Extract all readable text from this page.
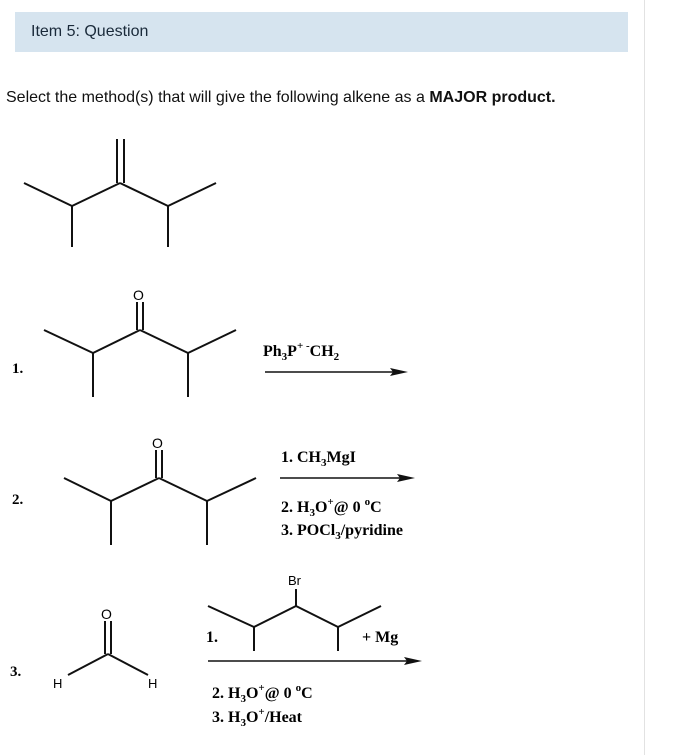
Item 5: Question
Select the method(s) that will give the following alkene as a MAJOR product.
1.
O
$Ph_3P^{+ -}CH_2$
2.
O
1. $CH_3MgI$
2. $H_3O^+@$ 0 $^o$C
3. POCl$_3$/pyridine
3.
O
H	H
Br
1.	+ Mg
2. $H_3O^+@$ 0 $^o$C
3. $H_3O^+$/Heat
